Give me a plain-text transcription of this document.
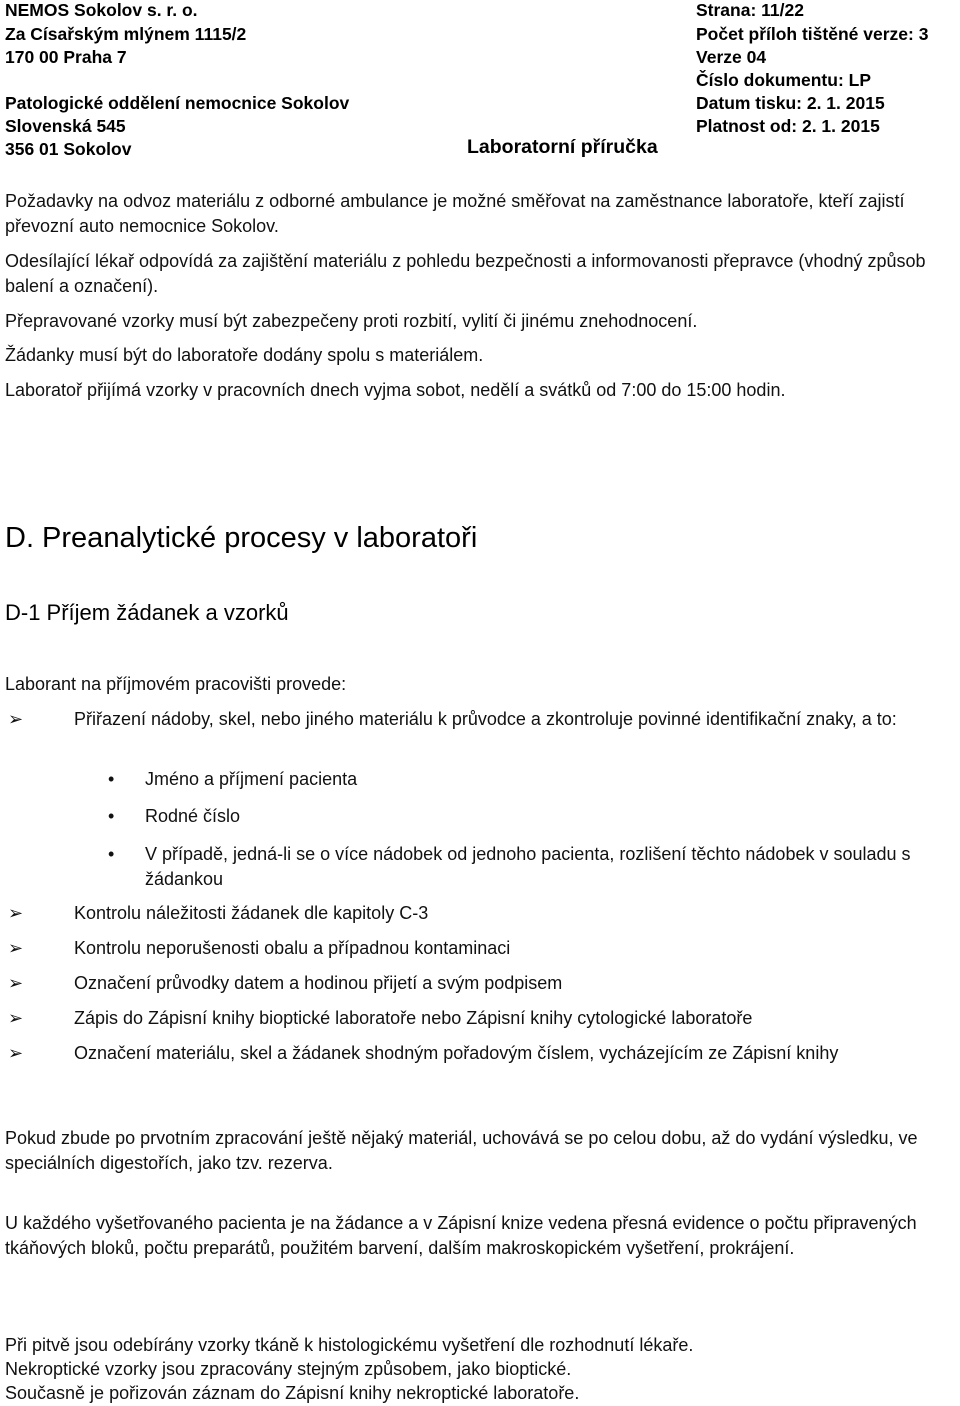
NEMOS Sokolov s. r. o.
Za Císařským mlýnem 1115/2
170 00 Praha 7
Patologické oddělení nemocnice Sokolov
Slovenská 545
356 01 Sokolov
Strana: 11/22
Počet příloh tištěné verze: 3
Verze 04
Číslo dokumentu: LP
Datum tisku: 2. 1. 2015
Platnost od: 2. 1. 2015
Laboratorní příručka
Požadavky na odvoz materiálu z odborné ambulance je možné směřovat na zaměstnance laboratoře, kteří zajistí převozní auto nemocnice Sokolov.
Odesílající lékař odpovídá za zajištění materiálu z pohledu bezpečnosti a informovanosti přepravce (vhodný způsob balení a označení).
Přepravované vzorky musí být zabezpečeny proti rozbití, vylití či jinému znehodnocení.
Žádanky musí být do laboratoře dodány spolu s materiálem.
Laboratoř přijímá vzorky v pracovních dnech vyjma sobot, nedělí a svátků od 7:00 do 15:00 hodin.
D. Preanalytické procesy v laboratoři
D-1 Příjem žádanek a vzorků
Laborant na příjmovém pracovišti provede:
➢	Přiřazení nádoby, skel, nebo jiného materiálu k průvodce a zkontroluje povinné identifikační znaky, a to:
• Jméno a příjmení pacienta
• Rodné číslo
• V případě, jedná-li se o více nádobek od jednoho pacienta, rozlišení těchto nádobek v souladu s žádankou
➢	Kontrolu náležitosti žádanek dle kapitoly C-3
➢	Kontrolu neporušenosti obalu a případnou kontaminaci
➢	Označení průvodky datem a hodinou přijetí a svým podpisem
➢	Zápis do Zápisní knihy bioptické laboratoře nebo Zápisní knihy cytologické laboratoře
➢	Označení materiálu, skel a žádanek shodným pořadovým číslem, vycházejícím ze Zápisní knihy
Pokud zbude po prvotním zpracování ještě nějaký materiál, uchovává se po celou dobu, až do vydání výsledku, ve speciálních digestořích, jako tzv. rezerva.
U každého vyšetřovaného pacienta je na žádance a v Zápisní knize vedena přesná evidence o počtu připravených tkáňových bloků, počtu preparátů, použitém barvení, dalším makroskopickém vyšetření, prokrájení.
Při pitvě jsou odebírány vzorky tkáně k histologickému vyšetření dle rozhodnutí lékaře.
Nekroptické vzorky jsou zpracovány stejným způsobem, jako bioptické.
Současně je pořizován záznam do Zápisní knihy nekroptické laboratoře.
